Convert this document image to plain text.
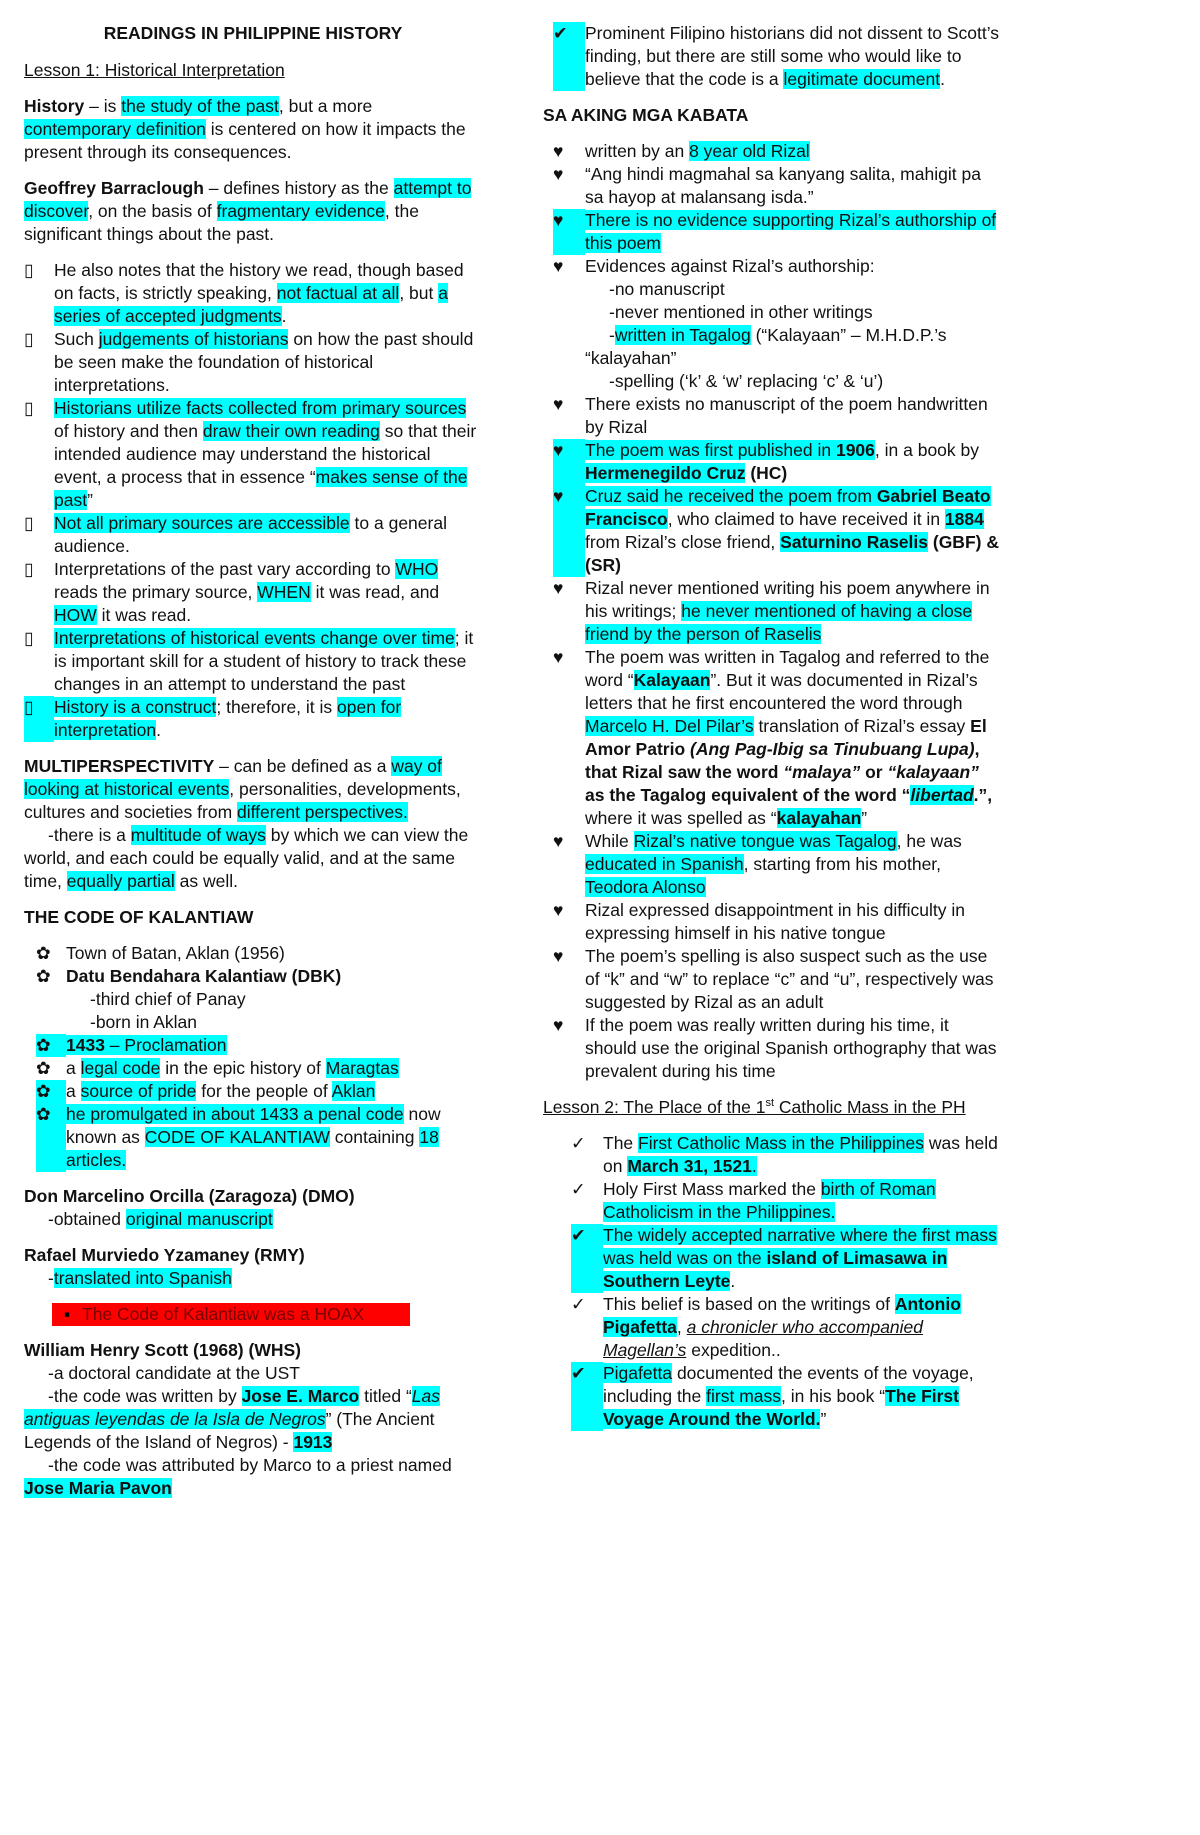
READINGS IN PHILIPPINE HISTORY
Lesson 1: Historical Interpretation

History – is the study of the past, but a more contemporary definition is centered on how it impacts the present through its consequences.

Geoffrey Barraclough – defines history as the attempt to discover, on the basis of fragmentary evidence, the significant things about the past.

▯	He also notes that the history we read, though based on facts, is strictly speaking, not factual at all, but a series of accepted judgments.
▯	Such judgements of historians on how the past should be seen make the foundation of historical interpretations.
▯	Historians utilize facts collected from primary sources of history and then draw their own reading so that their intended audience may understand the historical event, a process that in essence “makes sense of the past”
▯	Not all primary sources are accessible to a general audience.
▯	Interpretations of the past vary according to WHO reads the primary source, WHEN it was read, and HOW it was read.
▯	Interpretations of historical events change over time; it is important skill for a student of history to track these changes in an attempt to understand the past
▯	History is a construct; therefore, it is open for interpretation.

MULTIPERSPECTIVITY – can be defined as a way of looking at historical events, personalities, developments, cultures and societies from different perspectives.

-there is a multitude of ways by which we can view the world, and each could be equally valid, and at the same time, equally partial as well.

THE CODE OF KALANTIAW
✿ Town of Batan, Aklan (1956)
✿ Datu Bendahara Kalantiaw (DBK)
-third chief of Panay
-born in Aklan
✿ 1433 – Proclamation
✿ a legal code in the epic history of Maragtas
✿ a source of pride for the people of Aklan
✿ he promulgated in about 1433 a penal code now known as CODE OF KALANTIAW containing 18 articles.
Don Marcelino Orcilla (Zaragoza) (DMO)

-obtained original manuscript

Rafael Murviedo Yzamaney (RMY)

-translated into Spanish

▪ The Code of Kalantiaw was a HOAX
William Henry Scott (1968) (WHS)
-a doctoral candidate at the UST
-the code was written by Jose E. Marco titled “Las antiguas leyendas de la Isla de Negros” (The Ancient Legends of the Island of Negros) - 1913
-the code was attributed by Marco to a priest named
Jose Maria Pavon
✔ Prominent Filipino historians did not dissent to Scott’s finding, but there are still some who would like to believe that the code is a legitimate document.
SA AKING MGA KABATA
♥	written by an 8 year old Rizal
♥	“Ang hindi magmahal sa kanyang salita, mahigit pa sa hayop at malansang isda.”
♥	There is no evidence supporting Rizal’s authorship of this poem
♥	Evidences against Rizal’s authorship:
-no manuscript
-never mentioned in other writings
-written in Tagalog (“Kalayaan” – M.H.D.P.’s
“kalayahan”
-spelling (‘k’ & ‘w’ replacing ‘c’ & ‘u’)
♥	There exists no manuscript of the poem handwritten by Rizal
♥	The poem was first published in 1906, in a book by Hermenegildo Cruz (HC)
♥	Cruz said he received the poem from Gabriel Beato Francisco, who claimed to have received it in 1884 from Rizal’s close friend, Saturnino Raselis (GBF) & (SR)
♥	Rizal never mentioned writing his poem anywhere in his writings; he never mentioned of having a close friend by the person of Raselis
♥	The poem was written in Tagalog and referred to the word “Kalayaan”. But it was documented in Rizal’s letters that he first encountered the word through Marcelo H. Del Pilar’s translation of Rizal’s essay El Amor Patrio (Ang Pag-Ibig sa Tinubuang Lupa), that Rizal saw the word “malaya” or “kalayaan” as the Tagalog equivalent of the word “libertad.”, where it was spelled as “kalayahan”
♥	While Rizal’s native tongue was Tagalog, he was educated in Spanish, starting from his mother, Teodora Alonso
♥	Rizal expressed disappointment in his difficulty in expressing himself in his native tongue
♥	The poem’s spelling is also suspect such as the use of “k” and “w” to replace “c” and “u”, respectively was suggested by Rizal as an adult
♥	If the poem was really written during his time, it should use the original Spanish orthography that was prevalent during his time
Lesson 2: The Place of the 1st Catholic Mass in the PH
✓ The First Catholic Mass in the Philippines was held on March 31, 1521.
✓ Holy First Mass marked the birth of Roman Catholicism in the Philippines.
✔ The widely accepted narrative where the first mass was held was on the island of Limasawa in Southern Leyte.
✓ This belief is based on the writings of Antonio Pigafetta, a chronicler who accompanied Magellan’s expedition..
✔ Pigafetta documented the events of the voyage, including the first mass, in his book “The First Voyage Around the World.”
